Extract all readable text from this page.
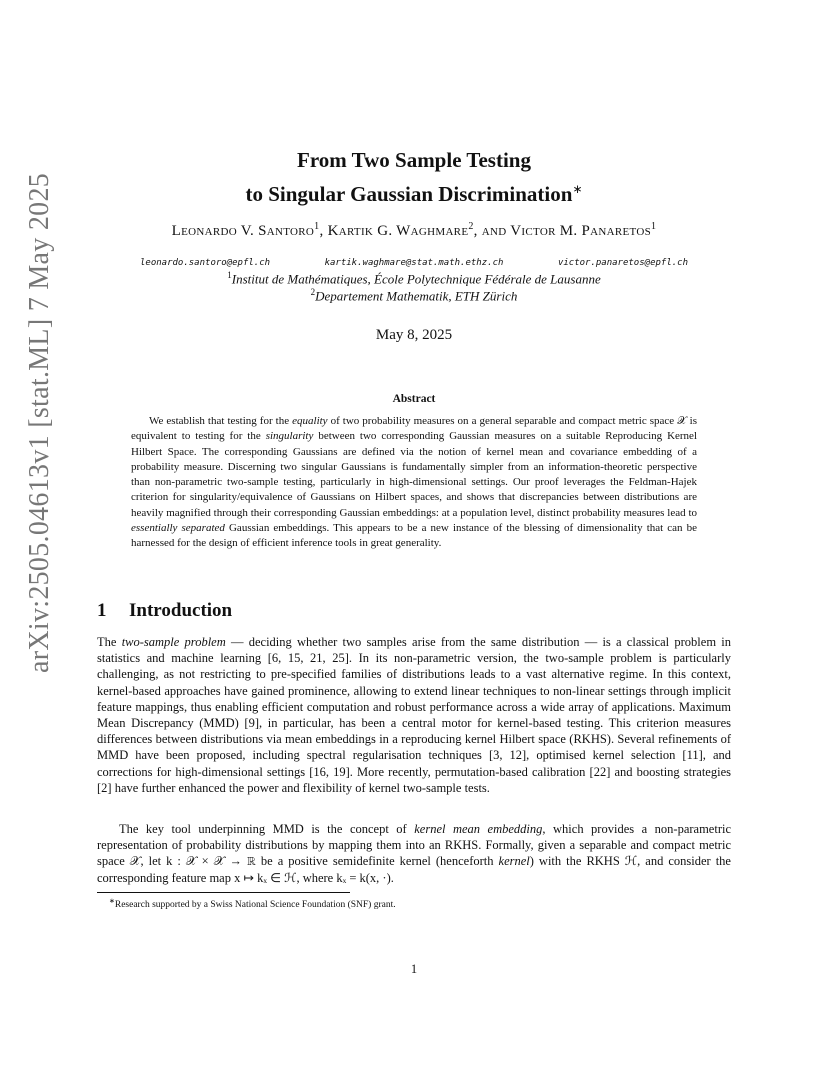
arXiv:2505.04613v1 [stat.ML] 7 May 2025
From Two Sample Testing
to Singular Gaussian Discrimination∗
Leonardo V. Santoro$^1$, Kartik G. Waghmare$^2$, and Victor M. Panaretos$^1$
leonardo.santoro@epfl.ch	kartik.waghmare@stat.math.ethz.ch	victor.panaretos@epfl.ch
$^1$Institut de Mathématiques, École Polytechnique Fédérale de Lausanne
$^2$Departement Mathematik, ETH Zürich
May 8, 2025
Abstract
We establish that testing for the equality of two probability measures on a general separable and compact metric space 𝒳 is equivalent to testing for the singularity between two corresponding Gaussian measures on a suitable Reproducing Kernel Hilbert Space. The corresponding Gaussians are defined via the notion of kernel mean and covariance embedding of a probability measure. Discerning two singular Gaussians is fundamentally simpler from an information-theoretic perspective than non-parametric two-sample testing, particularly in high-dimensional settings. Our proof leverages the Feldman-Hajek criterion for singularity/equivalence of Gaussians on Hilbert spaces, and shows that discrepancies between distributions are heavily magnified through their corresponding Gaussian embeddings: at a population level, distinct probability measures lead to essentially separated Gaussian embeddings. This appears to be a new instance of the blessing of dimensionality that can be harnessed for the design of efficient inference tools in great generality.
1 Introduction
The two-sample problem — deciding whether two samples arise from the same distribution — is a classical problem in statistics and machine learning [6, 15, 21, 25]. In its non-parametric version, the two-sample problem is particularly challenging, as not restricting to pre-specified families of distributions leads to a vast alternative regime. In this context, kernel-based approaches have gained prominence, allowing to extend linear techniques to non-linear settings through implicit feature mappings, thus enabling efficient computation and robust performance across a wide array of applications. Maximum Mean Discrepancy (MMD) [9], in particular, has been a central motor for kernel-based testing. This criterion measures differences between distributions via mean embeddings in a reproducing kernel Hilbert space (RKHS). Several refinements of MMD have been proposed, including spectral regularisation techniques [3, 12], optimised kernel selection [11], and corrections for high-dimensional settings [16, 19]. More recently, permutation-based calibration [22] and boosting strategies [2] have further enhanced the power and flexibility of kernel two-sample tests.
The key tool underpinning MMD is the concept of kernel mean embedding, which provides a non-parametric representation of probability distributions by mapping them into an RKHS. Formally, given a separable and compact metric space 𝒳, let k : 𝒳 × 𝒳 → ℝ be a positive semidefinite kernel (henceforth kernel) with the RKHS ℋ, and consider the corresponding feature map x ↦ kₓ ∈ ℋ, where kₓ = k(x, ·).
∗Research supported by a Swiss National Science Foundation (SNF) grant.
1
